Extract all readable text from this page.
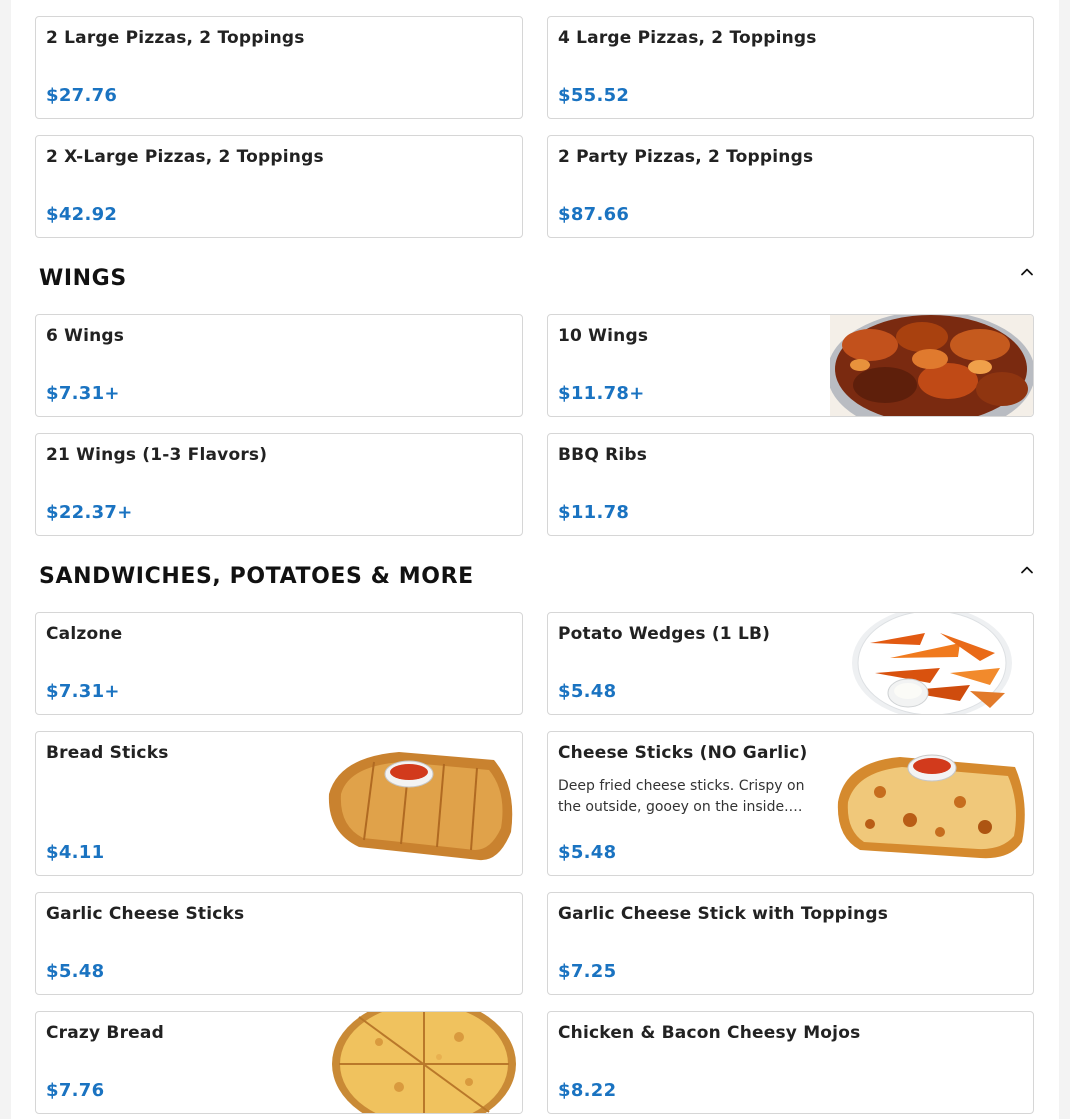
2 Large Pizzas, 2 Toppings
$27.76
4 Large Pizzas, 2 Toppings
$55.52
2 X-Large Pizzas, 2 Toppings
$42.92
2 Party Pizzas, 2 Toppings
$87.66
WINGS
6 Wings
$7.31+
10 Wings
$11.78+
21 Wings (1-3 Flavors)
$22.37+
BBQ Ribs
$11.78
SANDWICHES, POTATOES & MORE
Calzone
$7.31+
Potato Wedges (1 LB)
$5.48
Bread Sticks
$4.11
Cheese Sticks (NO Garlic)
Deep fried cheese sticks. Crispy on the outside, gooey on the inside.…
$5.48
Garlic Cheese Sticks
$5.48
Garlic Cheese Stick with Toppings
$7.25
Crazy Bread
$7.76
Chicken & Bacon Cheesy Mojos
$8.22
